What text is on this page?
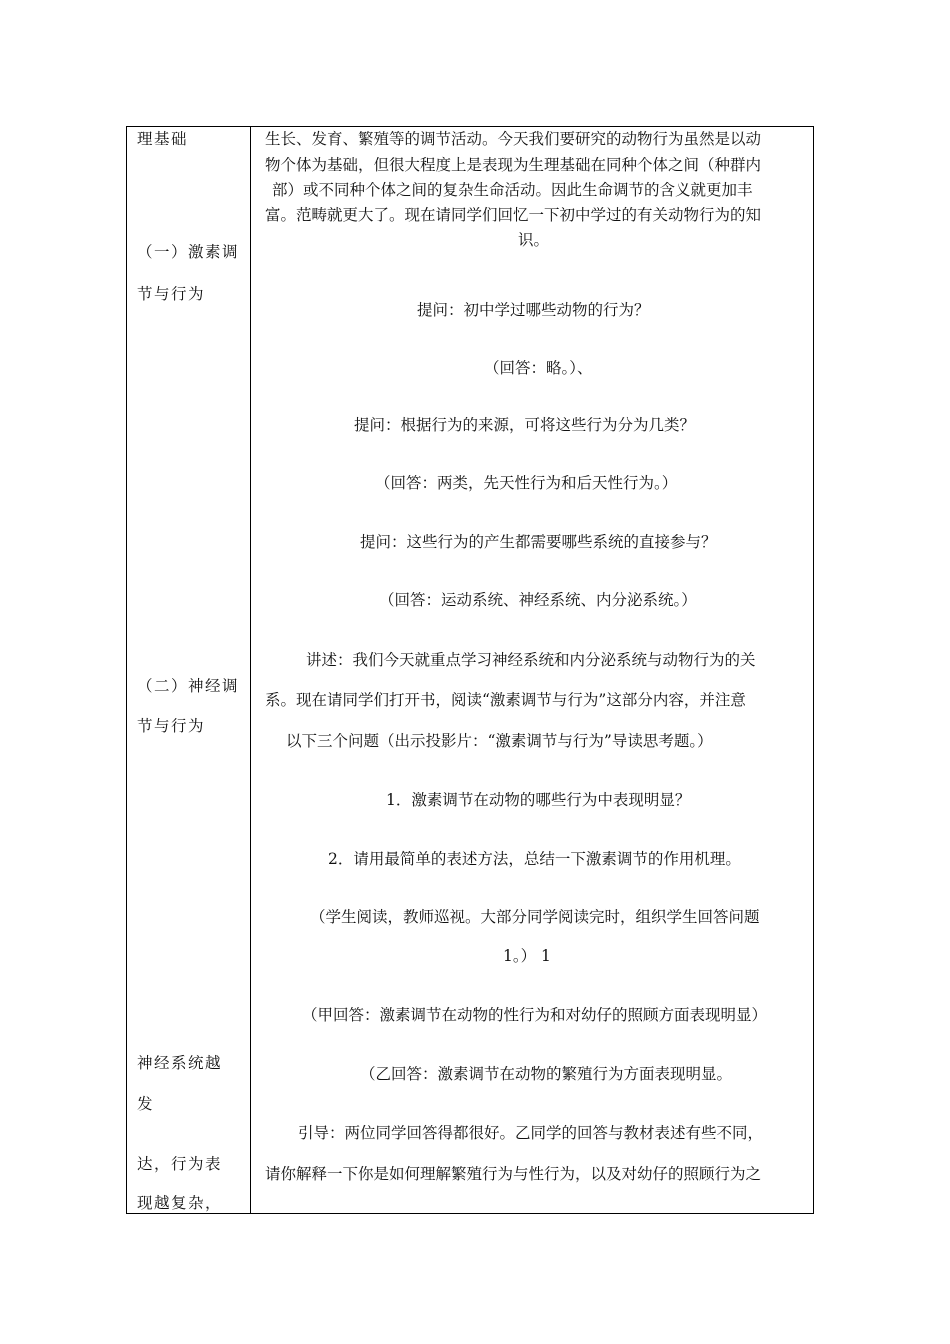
理基础
（一）激素调
节与行为
（二）神经调
节与行为
神经系统越
发
达，行为表
现越复杂，
生长、发育、繁殖等的调节活动。今天我们要研究的动物行为虽然是以动
物个体为基础，但很大程度上是表现为生理基础在同种个体之间（种群内
部）或不同种个体之间的复杂生命活动。因此生命调节的含义就更加丰
富。范畴就更大了。现在请同学们回忆一下初中学过的有关动物行为的知
识。
提问：初中学过哪些动物的行为？
（回答：略。）、
提问：根据行为的来源，可将这些行为分为几类？
（回答：两类，先天性行为和后天性行为。）
提问：这些行为的产生都需要哪些系统的直接参与？
（回答：运动系统、神经系统、内分泌系统。）
讲述：我们今天就重点学习神经系统和内分泌系统与动物行为的关
系。现在请同学们打开书，阅读“激素调节与行为”这部分内容，并注意
以下三个问题（出示投影片：“激素调节与行为”导读思考题。）
1．激素调节在动物的哪些行为中表现明显？
2．请用最简单的表述方法，总结一下激素调节的作用机理。
（学生阅读，教师巡视。大部分同学阅读完时，组织学生回答问题
1。） 1
（甲回答：激素调节在动物的性行为和对幼仔的照顾方面表现明显）
（乙回答：激素调节在动物的繁殖行为方面表现明显。
引导：两位同学回答得都很好。乙同学的回答与教材表述有些不同，
请你解释一下你是如何理解繁殖行为与性行为，以及对幼仔的照顾行为之
